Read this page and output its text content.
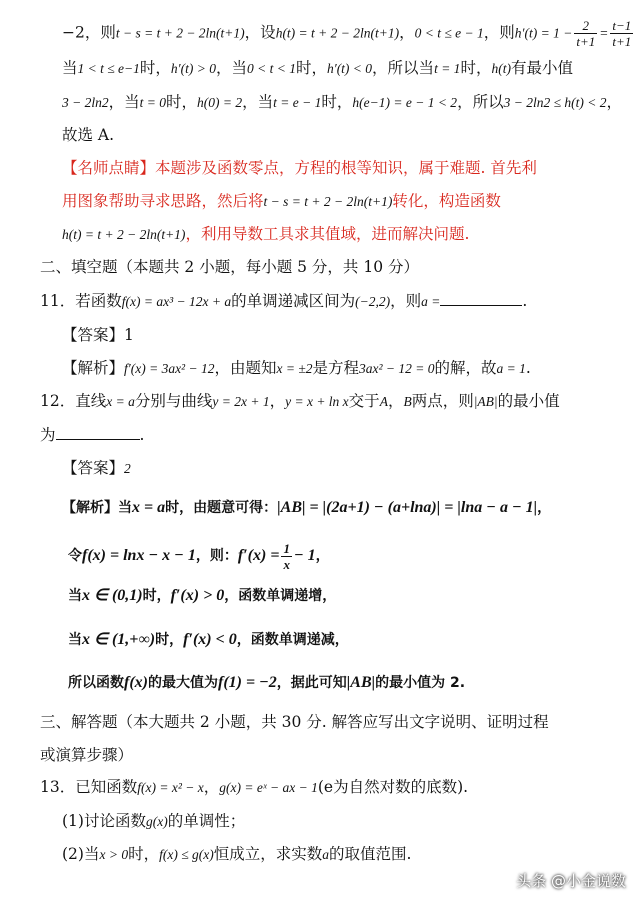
−2，则t − s = t + 2 − 2ln(t+1)，设h(t) = t + 2 − 2ln(t+1)，0 < t ≤ e − 1，则$h'(t) = 1 - \frac{2}{t+1} = \frac{t-1}{t+1}$
当1 < t ≤ e−1时，h′(t) > 0，当0 < t < 1时，h′(t) < 0，所以当t = 1时，h(t)有最小值
3 − 2ln2，当t = 0时，h(0) = 2，当t = e − 1时，h(e−1) = e − 1 < 2，所以3 − 2ln2 ≤ h(t) < 2，
故选 A.
【名师点睛】本题涉及函数零点，方程的根等知识，属于难题. 首先利
用图象帮助寻求思路，然后将t − s = t + 2 − 2ln(t+1)转化，构造函数
h(t) = t + 2 − 2ln(t+1)，利用导数工具求其值域，进而解决问题.
二、填空题（本题共 2 小题，每小题 5 分，共 10 分）
11．若函数f(x) = ax³ − 12x + a的单调递减区间为(−2,2)，则a =	.
【答案】1
【解析】f′(x) = 3ax² − 12，由题知x = ±2是方程3ax² − 12 = 0的解，故a = 1.
12．直线x = a分别与曲线y = 2x + 1，y = x + ln x交于A，B两点，则|AB|的最小值
为	.
【答案】2
【解析】当x = a时，由题意可得：|AB| = |(2a+1) − (a+lna)| = |lna − a − 1|，
令f(x) = lnx − x − 1，则：$f'(x) = \frac{1}{x} - 1$，
当x ∈ (0,1)时，f′(x) > 0，函数单调递增，
当x ∈ (1,+∞)时，f′(x) < 0，函数单调递减，
所以函数f(x)的最大值为f(1) = −2，据此可知|AB|的最小值为 2.
三、解答题（本大题共 2 小题，共 30 分. 解答应写出文字说明、证明过程
或演算步骤）
13．已知函数f(x) = x² − x，g(x) = eˣ − ax − 1(e为自然对数的底数).
(1)讨论函数g(x)的单调性；
(2)当x > 0时，f(x) ≤ g(x)恒成立，求实数a的取值范围.
头条 @小金说数
